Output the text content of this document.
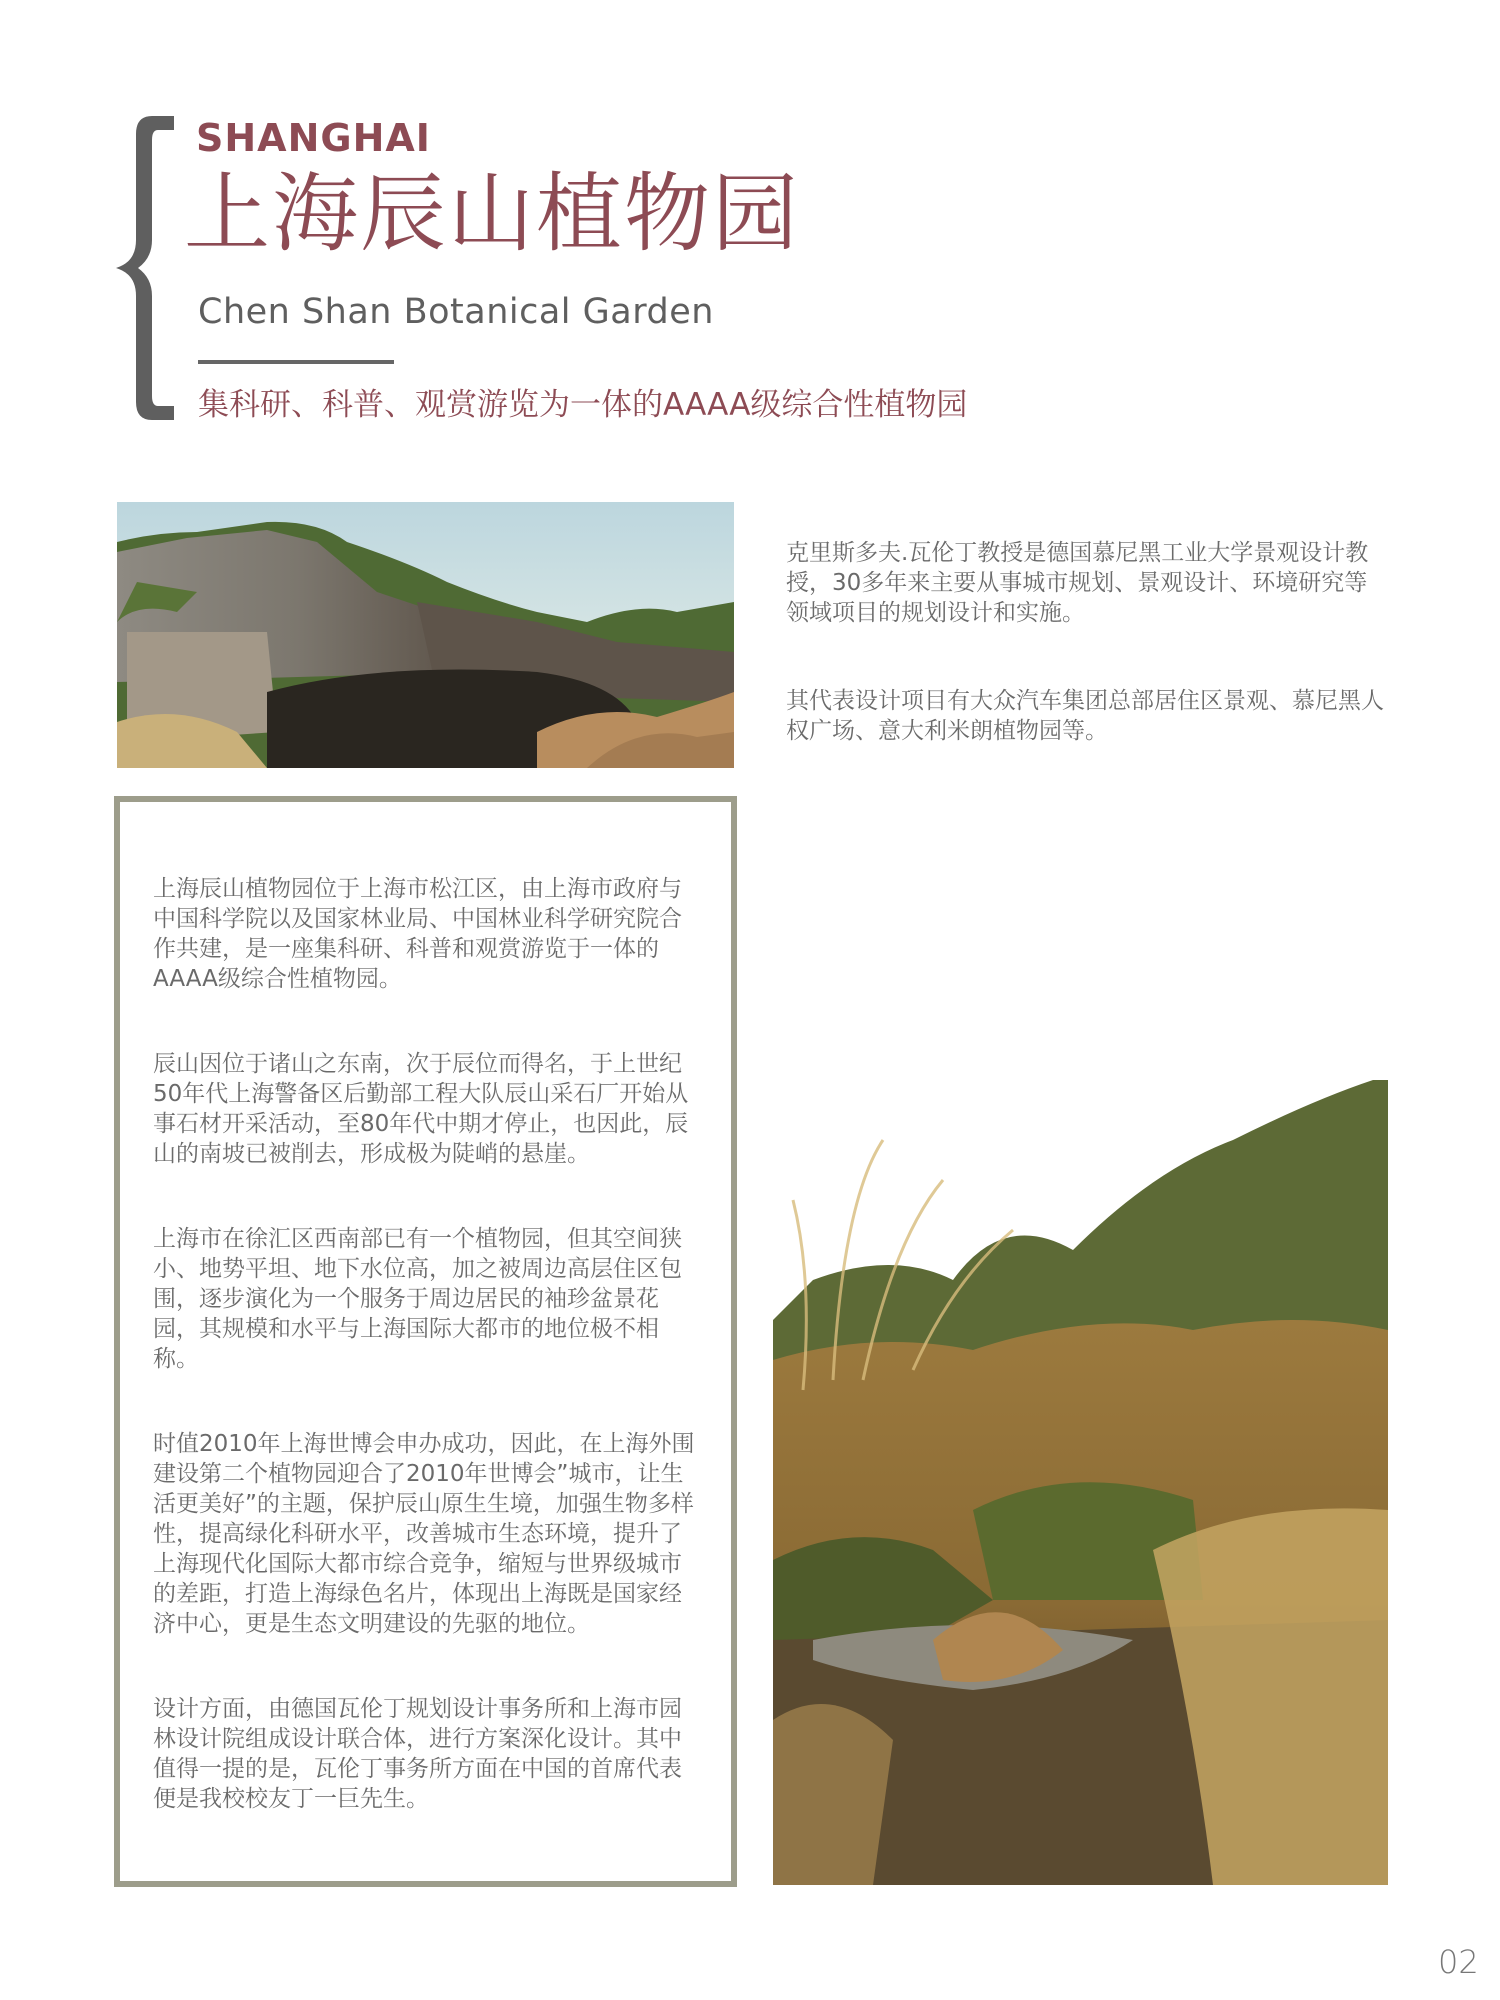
SHANGHAI
上海辰山植物园
Chen Shan Botanical Garden
集科研、科普、观赏游览为一体的AAAA级综合性植物园

克里斯多夫.瓦伦丁教授是德国慕尼黑工业大学景观设计教授，30多年来主要从事城市规划、景观设计、环境研究等领域项目的规划设计和实施。

其代表设计项目有大众汽车集团总部居住区景观、慕尼黑人权广场、意大利米朗植物园等。

上海辰山植物园位于上海市松江区，由上海市政府与中国科学院以及国家林业局、中国林业科学研究院合作共建，是一座集科研、科普和观赏游览于一体的AAAA级综合性植物园。

辰山因位于诸山之东南，次于辰位而得名，于上世纪50年代上海警备区后勤部工程大队辰山采石厂开始从事石材开采活动，至80年代中期才停止，也因此，辰山的南坡已被削去，形成极为陡峭的悬崖。

上海市在徐汇区西南部已有一个植物园，但其空间狭小、地势平坦、地下水位高，加之被周边高层住区包围，逐步演化为一个服务于周边居民的袖珍盆景花园，其规模和水平与上海国际大都市的地位极不相称。

时值2010年上海世博会申办成功，因此，在上海外围建设第二个植物园迎合了2010年世博会”城市，让生活更美好”的主题，保护辰山原生生境，加强生物多样性，提高绿化科研水平，改善城市生态环境，提升了上海现代化国际大都市综合竞争，缩短与世界级城市的差距，打造上海绿色名片，体现出上海既是国家经济中心，更是生态文明建设的先驱的地位。

设计方面，由德国瓦伦丁规划设计事务所和上海市园林设计院组成设计联合体，进行方案深化设计。其中值得一提的是，瓦伦丁事务所方面在中国的首席代表便是我校校友丁一巨先生。

02
